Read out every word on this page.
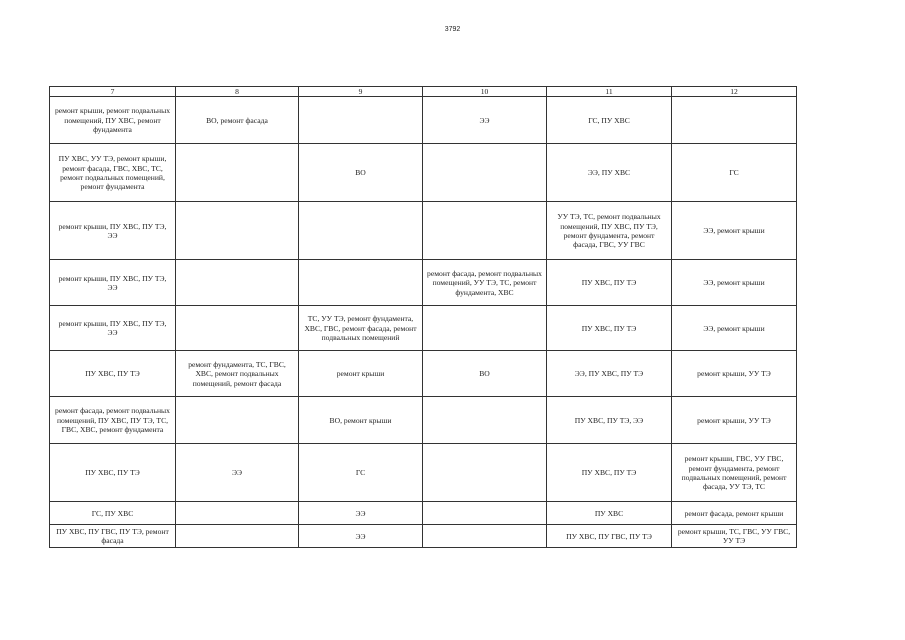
3792
7	8	9	10	11	12
ремонт крыши, ремонт подвальных помещений, ПУ ХВС, ремонт фундамента	ВО, ремонт фасада		ЭЭ	ГС, ПУ ХВС	
ПУ ХВС, УУ ТЭ, ремонт крыши, ремонт фасада, ГВС, ХВС, ТС, ремонт подвальных помещений, ремонт фундамента		ВО		ЭЭ, ПУ ХВС	ГС
ремонт крыши, ПУ ХВС, ПУ ТЭ, ЭЭ				УУ ТЭ, ТС, ремонт подвальных помещений, ПУ ХВС, ПУ ТЭ, ремонт фундамента, ремонт фасада, ГВС, УУ ГВС	ЭЭ, ремонт крыши
ремонт крыши, ПУ ХВС, ПУ ТЭ, ЭЭ			ремонт фасада, ремонт подвальных помещений, УУ ТЭ, ТС, ремонт фундамента, ХВС	ПУ ХВС, ПУ ТЭ	ЭЭ, ремонт крыши
ремонт крыши, ПУ ХВС, ПУ ТЭ, ЭЭ		ТС, УУ ТЭ, ремонт фундамента, ХВС, ГВС, ремонт фасада, ремонт подвальных помещений		ПУ ХВС, ПУ ТЭ	ЭЭ, ремонт крыши
ПУ ХВС, ПУ ТЭ	ремонт фундамента, ТС, ГВС, ХВС, ремонт подвальных помещений, ремонт фасада	ремонт крыши	ВО	ЭЭ, ПУ ХВС, ПУ ТЭ	ремонт крыши, УУ ТЭ
ремонт фасада, ремонт подвальных помещений, ПУ ХВС, ПУ ТЭ, ТС, ГВС, ХВС, ремонт фундамента		ВО, ремонт крыши		ПУ ХВС, ПУ ТЭ, ЭЭ	ремонт крыши, УУ ТЭ
ПУ ХВС, ПУ ТЭ	ЭЭ	ГС		ПУ ХВС, ПУ ТЭ	ремонт крыши, ГВС, УУ ГВС, ремонт фундамента, ремонт подвальных помещений, ремонт фасада, УУ ТЭ, ТС
ГС, ПУ ХВС		ЭЭ		ПУ ХВС	ремонт фасада, ремонт крыши
ПУ ХВС, ПУ ГВС, ПУ ТЭ, ремонт фасада		ЭЭ		ПУ ХВС, ПУ ГВС, ПУ ТЭ	ремонт крыши, ТС, ГВС, УУ ГВС, УУ ТЭ
